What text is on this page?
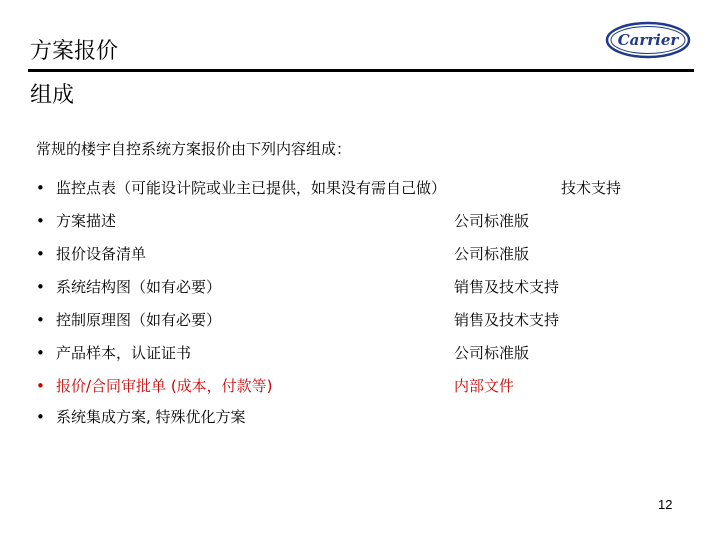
方案报价
组成
Carrier
常规的楼宇自控系统方案报价由下列内容组成：
• 监控点表（可能设计院或业主已提供，如果没有需自己做）	技术支持
• 方案描述	公司标准版
• 报价设备清单	公司标准版
• 系统结构图（如有必要）	销售及技术支持
• 控制原理图（如有必要）	销售及技术支持
• 产品样本，认证证书	公司标准版
• 报价/合同审批单 (成本，付款等)	内部文件
• 系统集成方案, 特殊优化方案
12
